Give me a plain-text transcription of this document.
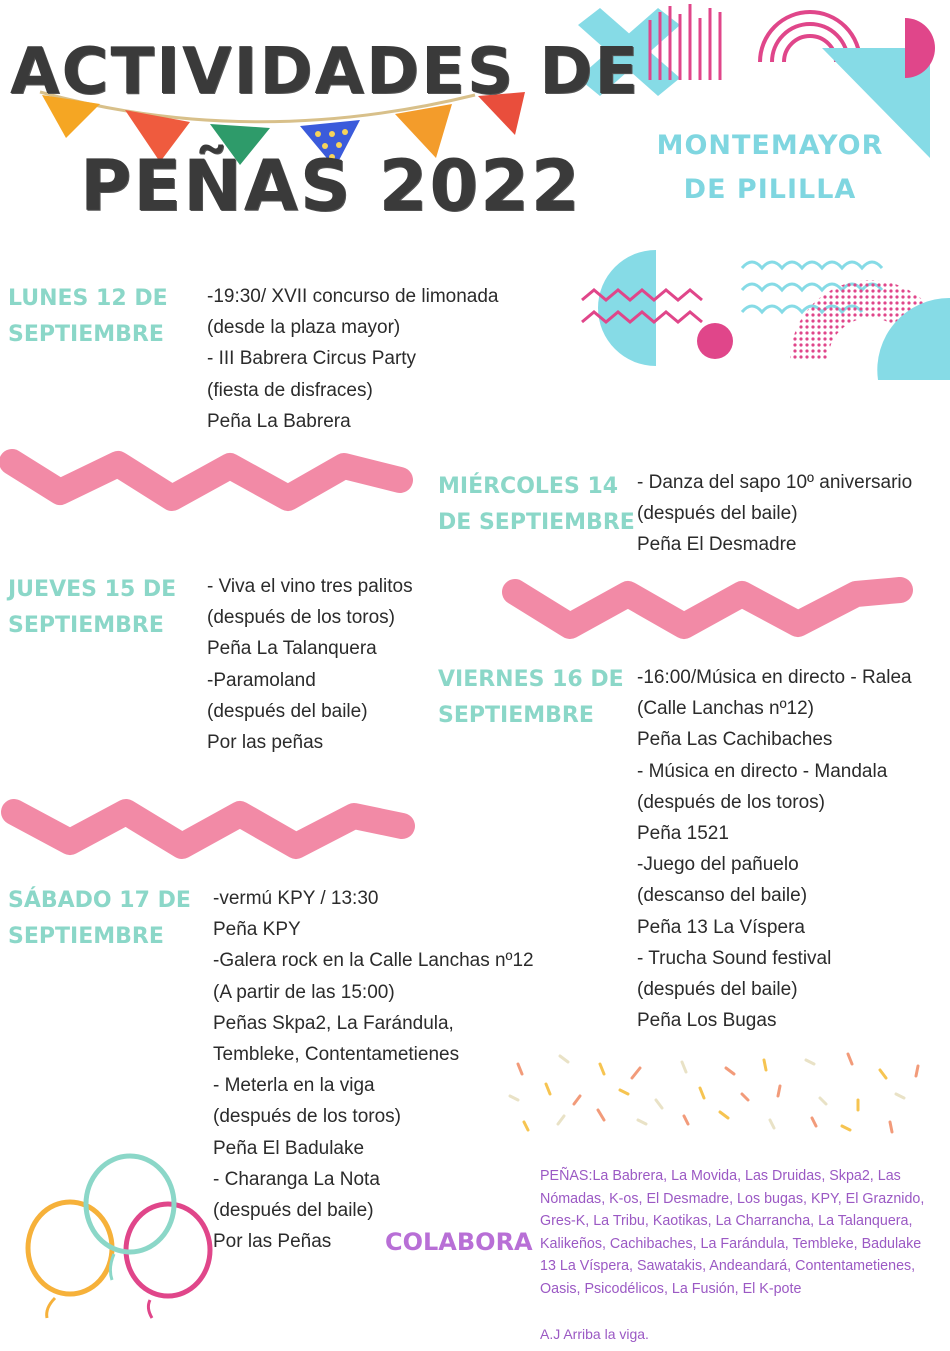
ACTIVIDADES DE
PEÑAS 2022	MONTEMAYOR
DE PILILLA
LUNES 12 DE
SEPTIEMBRE
-19:30/ XVII concurso de limonada
(desde la plaza mayor)
- III Babrera Circus Party
(fiesta de disfraces)
Peña La Babrera
MIÉRCOLES 14
DE SEPTIEMBRE
- Danza del sapo 10º aniversario
(después del baile)
Peña El Desmadre
JUEVES 15 DE
SEPTIEMBRE
- Viva el vino tres palitos
(después de los toros)
Peña La Talanquera
-Paramoland
(después del baile)
Por las peñas
VIERNES 16 DE
SEPTIEMBRE
-16:00/Música en directo - Ralea
(Calle Lanchas nº12)
Peña Las Cachibaches
- Música en directo - Mandala
(después de los toros)
Peña 1521
-Juego del pañuelo
(descanso del baile)
Peña 13 La Víspera
- Trucha Sound festival
(después del baile)
Peña Los Bugas
SÁBADO 17 DE
SEPTIEMBRE
-vermú KPY / 13:30
Peña KPY
-Galera rock en la Calle Lanchas nº12
(A partir de las 15:00)
Peñas Skpa2, La Farándula,
Tembleke, Contentametienes
- Meterla en la viga
(después de los toros)
Peña El Badulake
- Charanga La Nota
(después del baile)
Por las Peñas	COLABORA
PEÑAS:La Babrera, La Movida, Las Druidas, Skpa2, Las
Nómadas, K-os, El Desmadre, Los bugas, KPY, El Graznido,
Gres-K, La Tribu, Kaotikas, La Charrancha, La Talanquera,
Kalikeños, Cachibaches, La Farándula, Tembleke, Badulake
13 La Víspera, Sawatakis, Andeandará, Contentametienes,
Oasis, Psicodélicos, La Fusión, El K-pote
A.J Arriba la viga.
